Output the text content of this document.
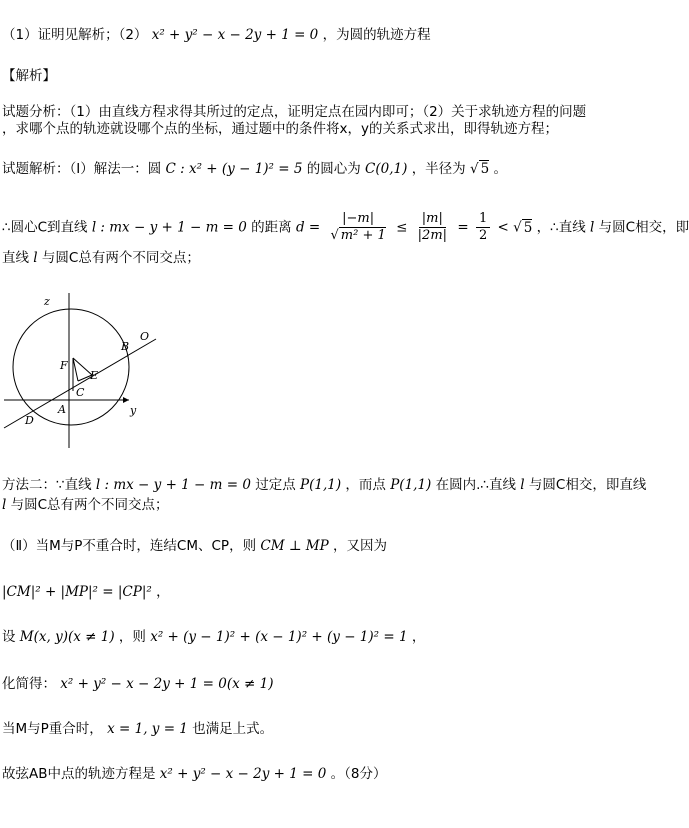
（1）证明见解析；（2） x² + y² − x − 2y + 1 = 0 ，为圆的轨迹方程
【解析】
试题分析：（1）由直线方程求得其所过的定点，证明定点在园内即可；（2）关于求轨迹方程的问题
，求哪个点的轨迹就设哪个点的坐标，通过题中的条件将x，y的关系式求出，即得轨迹方程；
试题解析：（Ⅰ）解法一：圆 C : x² + (y − 1)² = 5 的圆心为 C(0,1) ，半径为 √ 5 。
∴圆心C到直线 l : mx − y + 1 − m = 0 的距离 $d = \frac{|-m|}{\text{√ m² + 1}} \le \frac{|m|}{|2m|} = \frac{1}{2}$ < √ 5 ，∴直线 l 与圆C相交，即
直线 l 与圆C总有两个不同交点；
z
O
B
F
E
C
A
D
y
方法二：∵直线 l : mx − y + 1 − m = 0 过定点 P(1,1) ，而点 P(1,1) 在圆内.∴直线 l 与圆C相交，即直线
l 与圆C总有两个不同交点；
（Ⅱ）当M与P不重合时，连结CM、CP，则 CM ⊥ MP ，又因为
|CM|² + |MP|² = |CP|² ，
设 M(x, y)(x ≠ 1) ，则 x² + (y − 1)² + (x − 1)² + (y − 1)² = 1 ，
化简得： x² + y² − x − 2y + 1 = 0(x ≠ 1)
当M与P重合时， x = 1, y = 1 也满足上式。
故弦AB中点的轨迹方程是 x² + y² − x − 2y + 1 = 0 。（8分）
